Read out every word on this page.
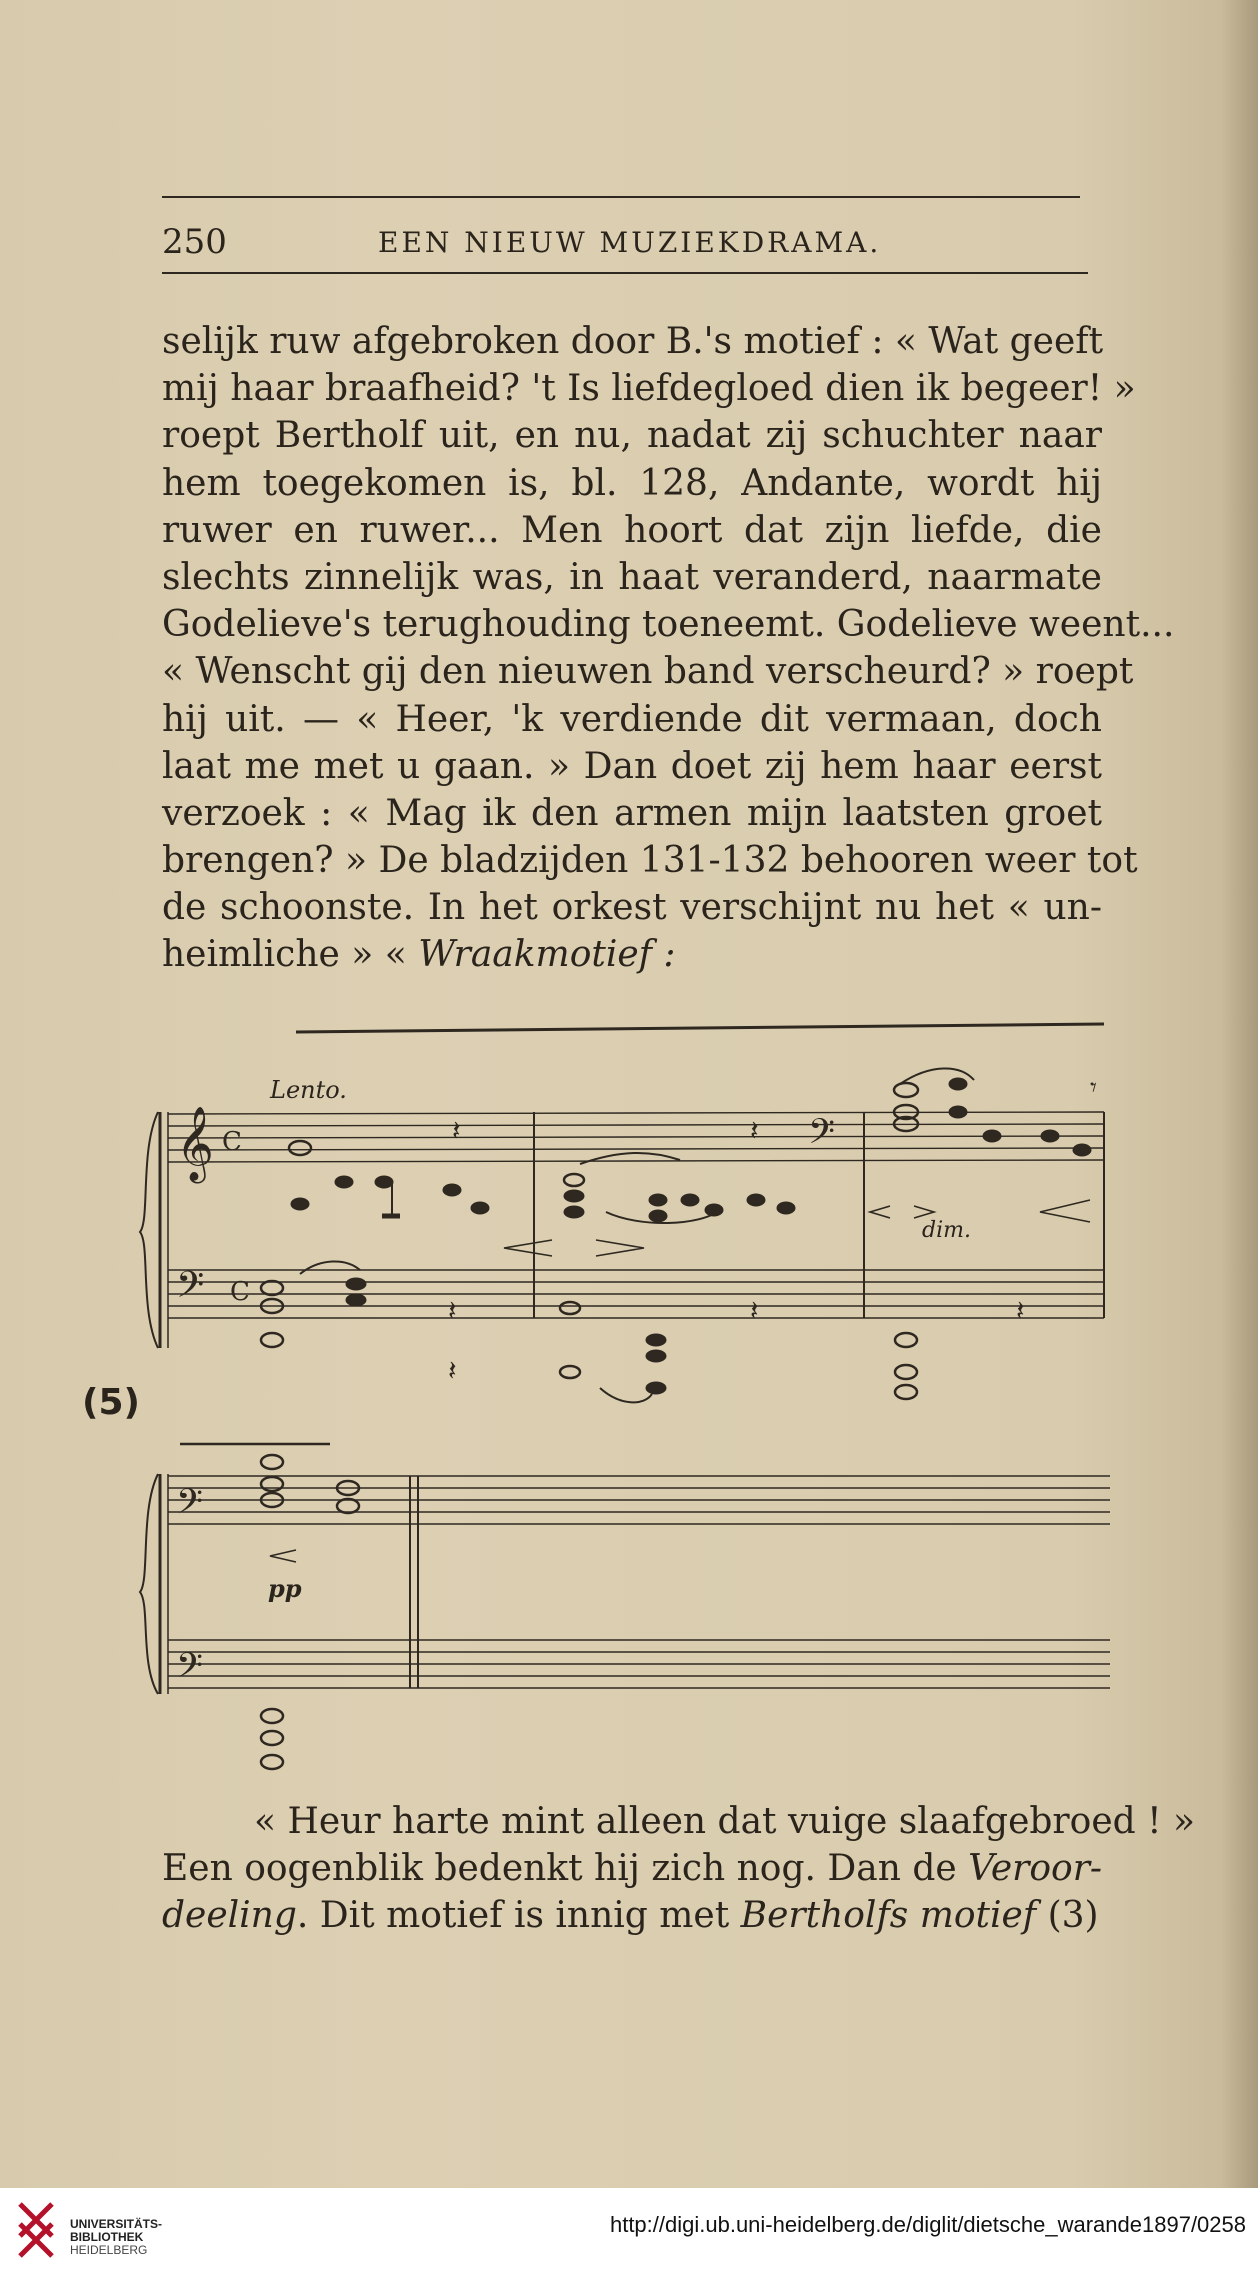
250	EEN NIEUW MUZIEKDRAMA.
selijk ruw afgebroken door B.'s motief : « Wat geeft
mij haar braafheid? 't Is liefdegloed dien ik begeer! »
roept Bertholf uit, en nu, nadat zij schuchter naar
hem toegekomen is, bl. 128, Andante, wordt hij
ruwer en ruwer... Men hoort dat zijn liefde, die
slechts zinnelijk was, in haat veranderd, naarmate
Godelieve's terughouding toeneemt. Godelieve weent...
« Wenscht gij den nieuwen band verscheurd? » roept
hij uit. — « Heer, 'k verdiende dit vermaan, doch
laat me met u gaan. » Dan doet zij hem haar eerst
verzoek : « Mag ik den armen mijn laatsten groet
brengen? » De bladzijden 131-132 behooren weer tot
de schoonste. In het orkest verschijnt nu het « un-
heimliche » « Wraakmotief :
𝄞 C
𝄢 C
𝄢
𝄽	𝄽
𝄾
𝄽
𝄽
𝄽	𝄽
𝄢
𝄢
(5)
Lento.
dim.
pp
« Heur harte mint alleen dat vuige slaafgebroed ! »
Een oogenblik bedenkt hij zich nog. Dan de Veroor-
deeling. Dit motief is innig met Bertholfs motief (3)
UNIVERSITÄTS-
BIBLIOTHEK
HEIDELBERG
http://digi.ub.uni-heidelberg.de/diglit/dietsche_warande1897/0258
